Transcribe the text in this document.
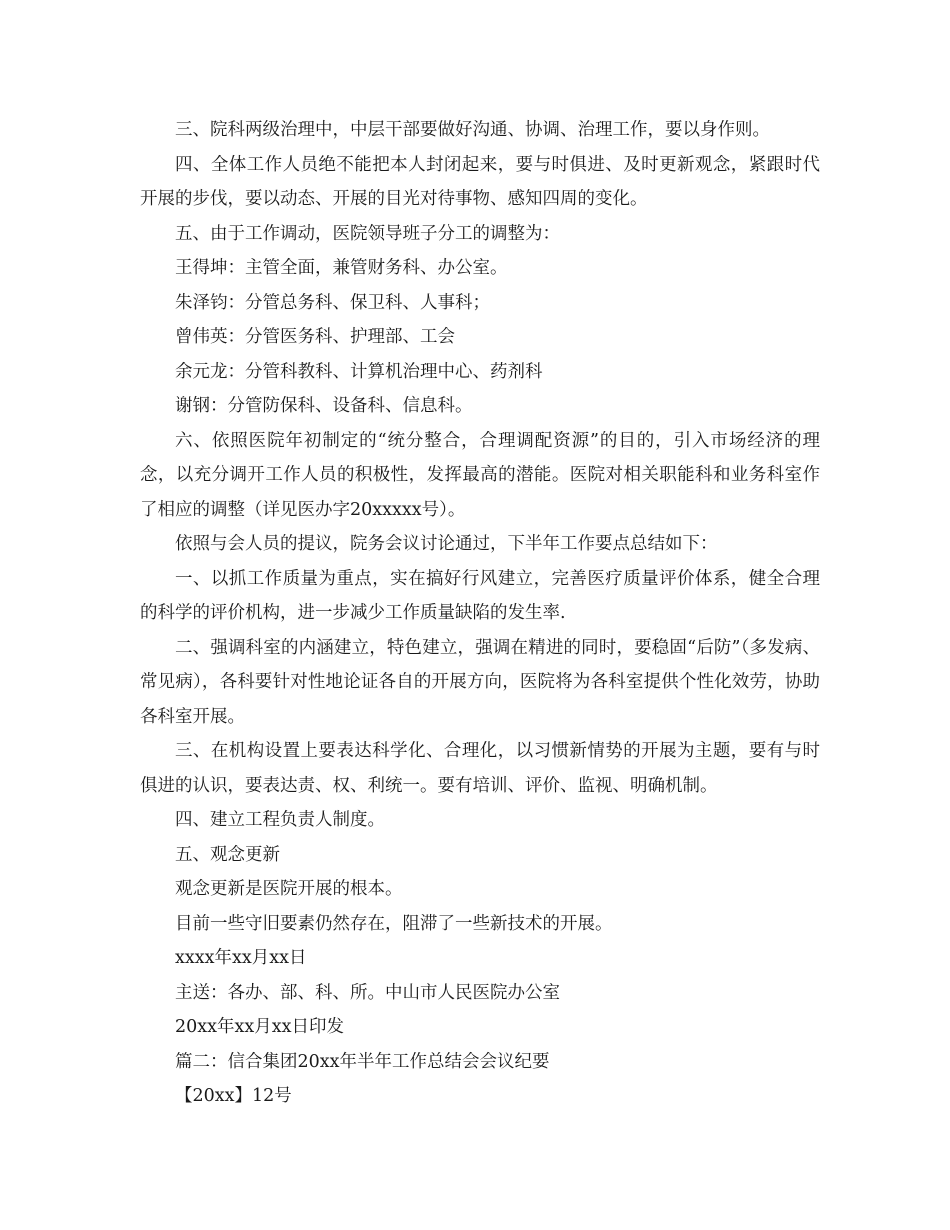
三、院科两级治理中，中层干部要做好沟通、协调、治理工作，要以身作则。

四、全体工作人员绝不能把本人封闭起来，要与时俱进、及时更新观念，紧跟时代开展的步伐，要以动态、开展的目光对待事物、感知四周的变化。

五、由于工作调动，医院领导班子分工的调整为：

王得坤：主管全面，兼管财务科、办公室。

朱泽钧：分管总务科、保卫科、人事科；

曾伟英：分管医务科、护理部、工会

余元龙：分管科教科、计算机治理中心、药剂科

谢钢：分管防保科、设备科、信息科。

六、依照医院年初制定的“统分整合，合理调配资源”的目的，引入市场经济的理念，以充分调开工作人员的积极性，发挥最高的潜能。医院对相关职能科和业务科室作了相应的调整（详见医办字20xxxxx号）。

依照与会人员的提议，院务会议讨论通过，下半年工作要点总结如下：

一、以抓工作质量为重点，实在搞好行风建立，完善医疗质量评价体系，健全合理的科学的评价机构，进一步减少工作质量缺陷的发生率.

二、强调科室的内涵建立，特色建立，强调在精进的同时，要稳固“后防”（多发病、常见病），各科要针对性地论证各自的开展方向，医院将为各科室提供个性化效劳，协助各科室开展。

三、在机构设置上要表达科学化、合理化，以习惯新情势的开展为主题，要有与时俱进的认识，要表达责、权、利统一。要有培训、评价、监视、明确机制。

四、建立工程负责人制度。

五、观念更新

观念更新是医院开展的根本。

目前一些守旧要素仍然存在，阻滞了一些新技术的开展。

xxxx年xx月xx日

主送：各办、部、科、所。中山市人民医院办公室

20xx年xx月xx日印发

篇二：信合集团20xx年半年工作总结会会议纪要

【20xx】12号
